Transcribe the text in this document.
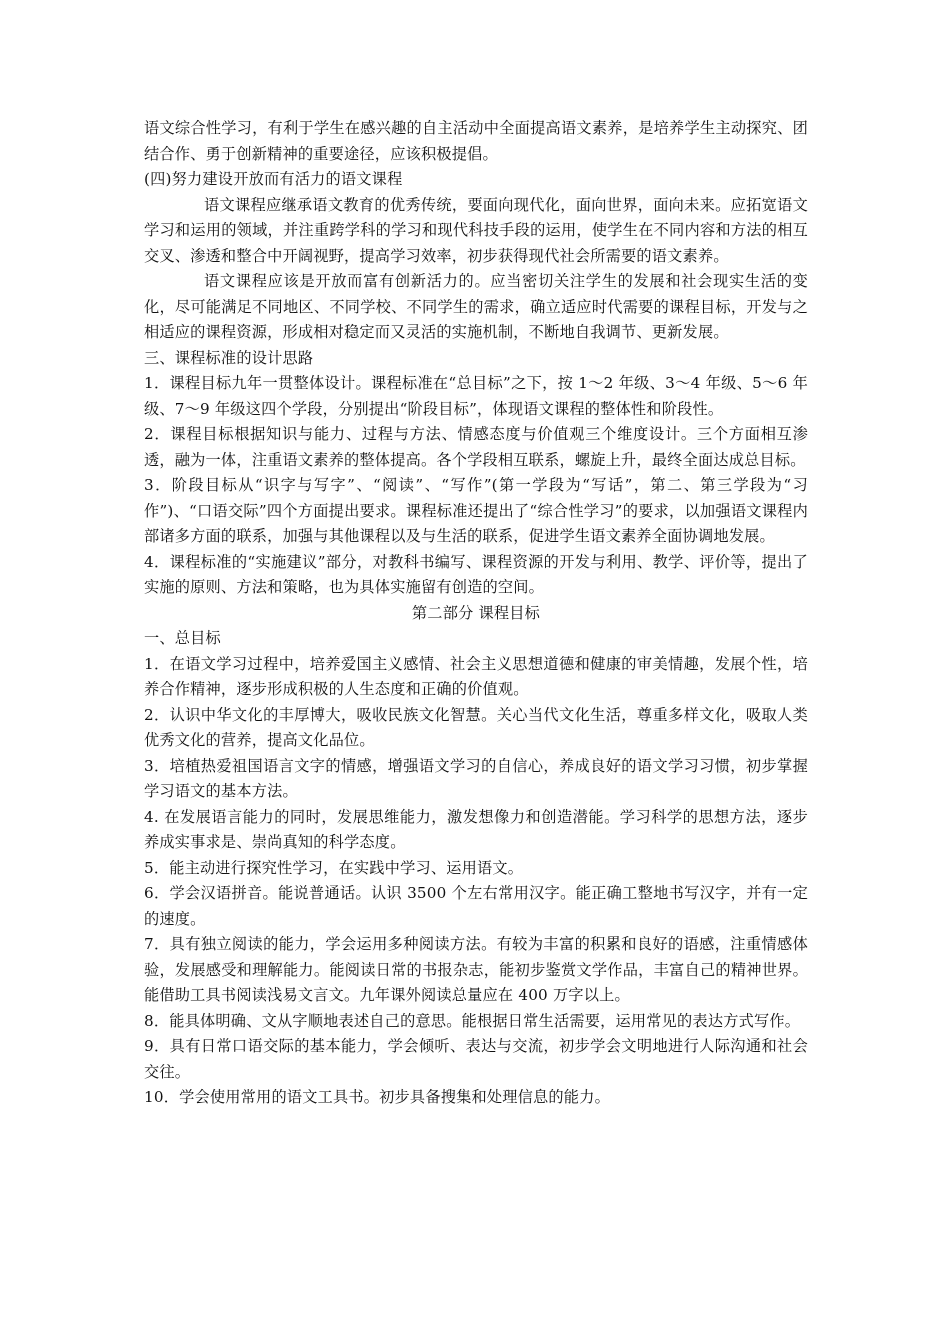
语文综合性学习，有利于学生在感兴趣的自主活动中全面提高语文素养，是培养学生主动探究、团结合作、勇于创新精神的重要途径，应该积极提倡。

(四)努力建设开放而有活力的语文课程

语文课程应继承语文教育的优秀传统，要面向现代化，面向世界，面向未来。应拓宽语文学习和运用的领域，并注重跨学科的学习和现代科技手段的运用，使学生在不同内容和方法的相互交叉、渗透和整合中开阔视野，提高学习效率，初步获得现代社会所需要的语文素养。

语文课程应该是开放而富有创新活力的。应当密切关注学生的发展和社会现实生活的变化，尽可能满足不同地区、不同学校、不同学生的需求，确立适应时代需要的课程目标，开发与之相适应的课程资源，形成相对稳定而又灵活的实施机制，不断地自我调节、更新发展。

三、课程标准的设计思路

1．课程目标九年一贯整体设计。课程标准在“总目标”之下，按 1～2 年级、3～4 年级、5～6 年级、7～9 年级这四个学段，分别提出“阶段目标”，体现语文课程的整体性和阶段性。

2．课程目标根据知识与能力、过程与方法、情感态度与价值观三个维度设计。三个方面相互渗透，融为一体，注重语文素养的整体提高。各个学段相互联系，螺旋上升，最终全面达成总目标。

3．阶段目标从“识字与写字”、“阅读”、“写作”(第一学段为“写话”，第二、第三学段为“习作”)、“口语交际”四个方面提出要求。课程标准还提出了“综合性学习”的要求，以加强语文课程内部诸多方面的联系，加强与其他课程以及与生活的联系，促进学生语文素养全面协调地发展。

4．课程标准的“实施建议”部分，对教科书编写、课程资源的开发与利用、教学、评价等，提出了实施的原则、方法和策略，也为具体实施留有创造的空间。

第二部分 课程目标

一、总目标

1．在语文学习过程中，培养爱国主义感情、社会主义思想道德和健康的审美情趣，发展个性，培养合作精神，逐步形成积极的人生态度和正确的价值观。

2．认识中华文化的丰厚博大，吸收民族文化智慧。关心当代文化生活，尊重多样文化，吸取人类优秀文化的营养，提高文化品位。

3．培植热爱祖国语言文字的情感，增强语文学习的自信心，养成良好的语文学习习惯，初步掌握学习语文的基本方法。

4. 在发展语言能力的同时，发展思维能力，激发想像力和创造潜能。学习科学的思想方法，逐步养成实事求是、崇尚真知的科学态度。

5．能主动进行探究性学习，在实践中学习、运用语文。

6．学会汉语拼音。能说普通话。认识 3500 个左右常用汉字。能正确工整地书写汉字，并有一定的速度。

7．具有独立阅读的能力，学会运用多种阅读方法。有较为丰富的积累和良好的语感，注重情感体验，发展感受和理解能力。能阅读日常的书报杂志，能初步鉴赏文学作品，丰富自己的精神世界。能借助工具书阅读浅易文言文。九年课外阅读总量应在 400 万字以上。

8．能具体明确、文从字顺地表述自己的意思。能根据日常生活需要，运用常见的表达方式写作。

9．具有日常口语交际的基本能力，学会倾听、表达与交流，初步学会文明地进行人际沟通和社会交往。

10．学会使用常用的语文工具书。初步具备搜集和处理信息的能力。
